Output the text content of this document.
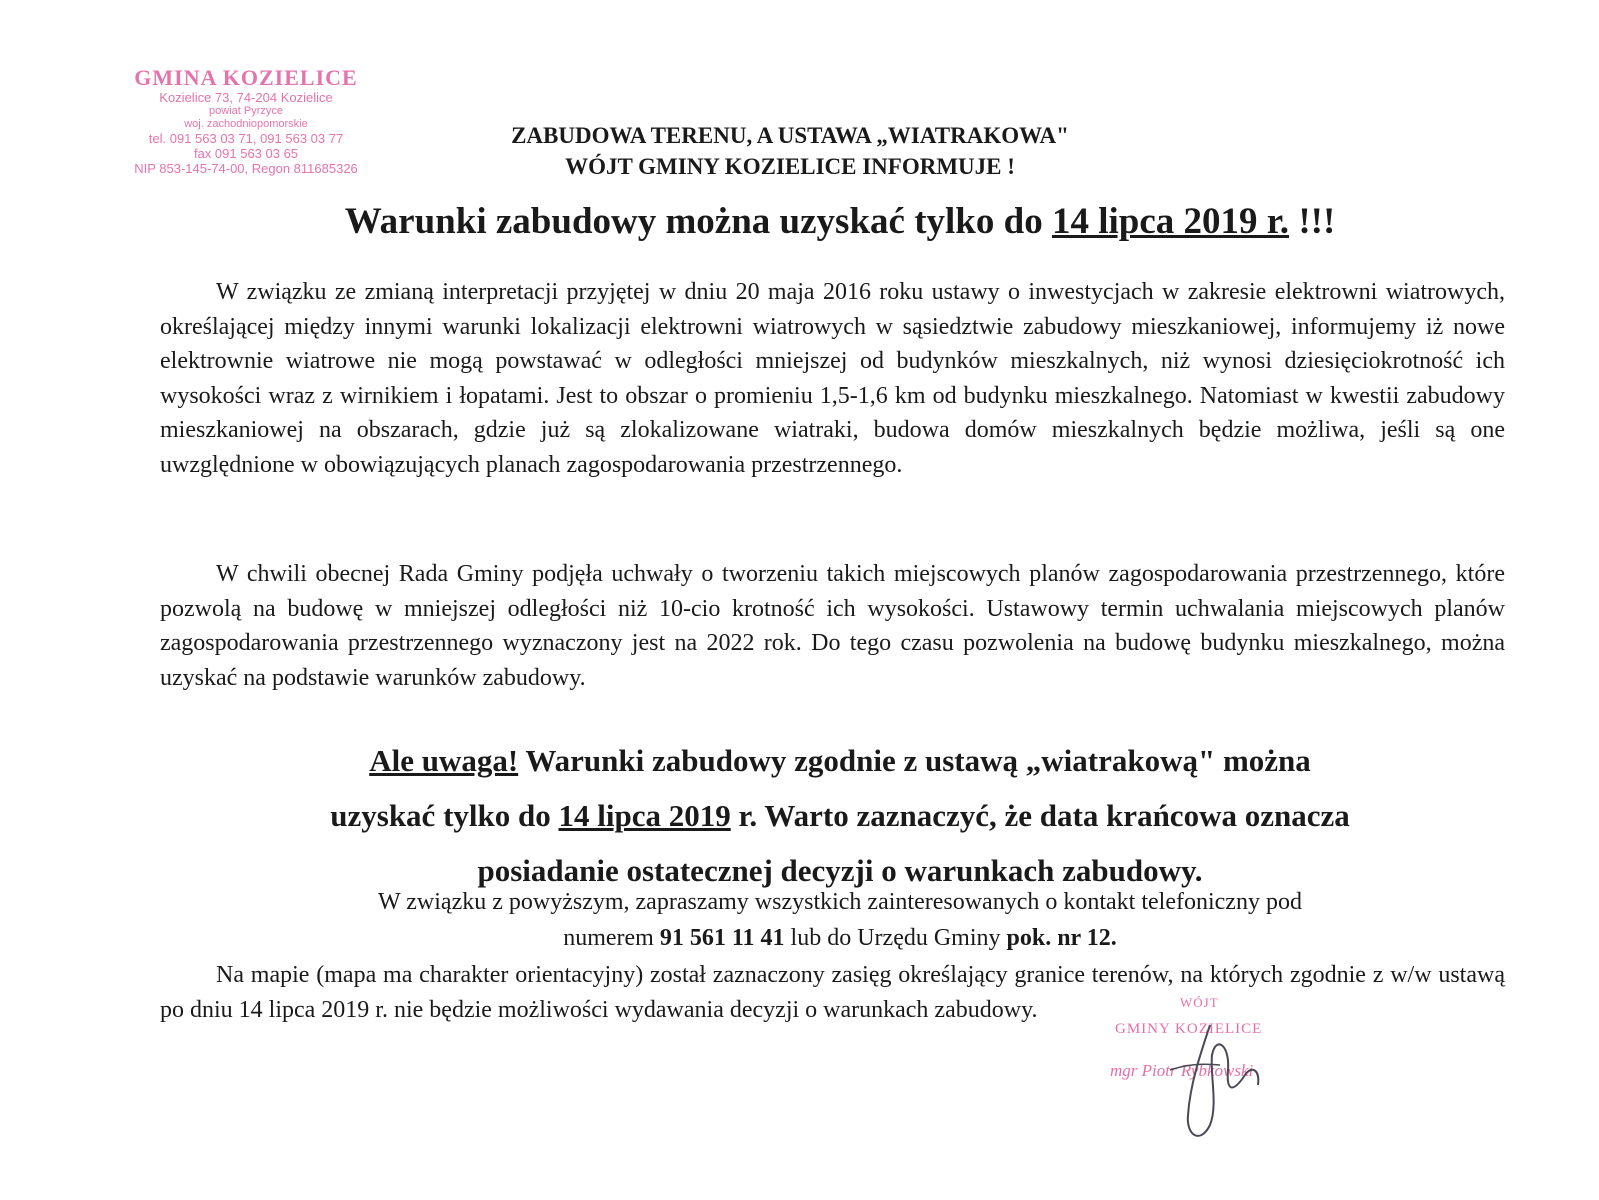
GMINA KOZIELICE
Kozielice 73, 74-204 Kozielice
powiat Pyrzyce
woj. zachodniopomorskie
tel. 091 563 03 71, 091 563 03 77
fax 091 563 03 65
NIP 853-145-74-00, Regon 811685326
ZABUDOWA TERENU, A USTAWA „WIATRAKOWA"
WÓJT GMINY KOZIELICE INFORMUJE !
Warunki zabudowy można uzyskać tylko do 14 lipca 2019 r. !!!
W związku ze zmianą interpretacji przyjętej w dniu 20 maja 2016 roku ustawy o inwestycjach w zakresie elektrowni wiatrowych, określającej między innymi warunki lokalizacji elektrowni wiatrowych w sąsiedztwie zabudowy mieszkaniowej, informujemy iż nowe elektrownie wiatrowe nie mogą powstawać w odległości mniejszej od budynków mieszkalnych, niż wynosi dziesięciokrotność ich wysokości wraz z wirnikiem i łopatami. Jest to obszar o promieniu 1,5-1,6 km od budynku mieszkalnego. Natomiast w kwestii zabudowy mieszkaniowej na obszarach, gdzie już są zlokalizowane wiatraki, budowa domów mieszkalnych będzie możliwa, jeśli są one uwzględnione w obowiązujących planach zagospodarowania przestrzennego.
W chwili obecnej Rada Gminy podjęła uchwały o tworzeniu takich miejscowych planów zagospodarowania przestrzennego, które pozwolą na budowę w mniejszej odległości niż 10-cio krotność ich wysokości. Ustawowy termin uchwalania miejscowych planów zagospodarowania przestrzennego wyznaczony jest na 2022 rok. Do tego czasu pozwolenia na budowę budynku mieszkalnego, można uzyskać na podstawie warunków zabudowy.
Ale uwaga! Warunki zabudowy zgodnie z ustawą „wiatrakową" można
uzyskać tylko do 14 lipca 2019 r. Warto zaznaczyć, że data krańcowa oznacza
posiadanie ostatecznej decyzji o warunkach zabudowy.
W związku z powyższym, zapraszamy wszystkich zainteresowanych o kontakt telefoniczny pod
numerem 91 561 11 41 lub do Urzędu Gminy pok. nr 12.
Na mapie (mapa ma charakter orientacyjny) został zaznaczony zasięg określający granice terenów, na których zgodnie z w/w ustawą po dniu 14 lipca 2019 r. nie będzie możliwości wydawania decyzji o warunkach zabudowy.	WÓJT
GMINY KOZIELICE
mgr Piotr Rybkowski
